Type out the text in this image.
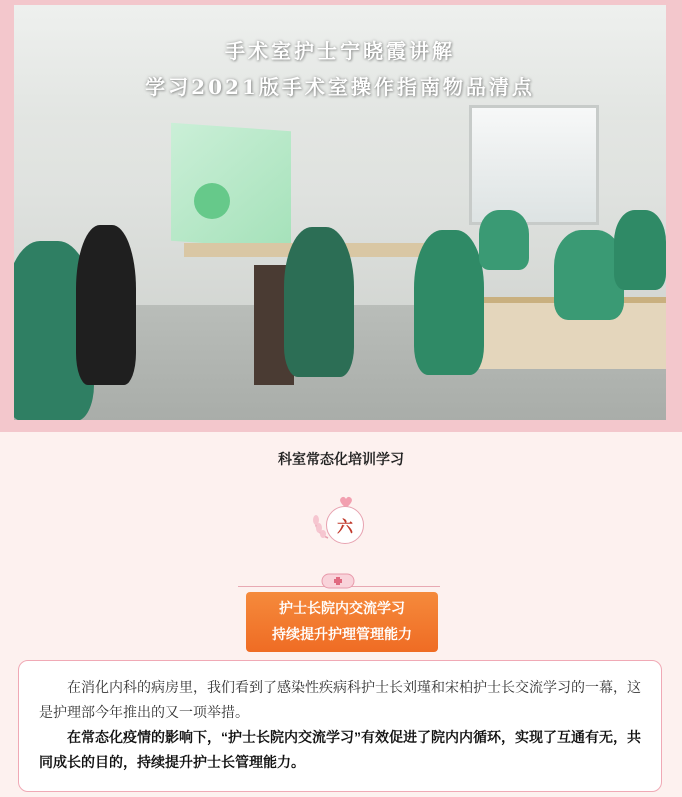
手术室护士宁晓霞讲解
学习2021版手术室操作指南物品清点
科室常态化培训学习
六
护士长院内交流学习
持续提升护理管理能力

在消化内科的病房里，我们看到了感染性疾病科护士长刘瑾和宋柏护士长交流学习的一幕，这是护理部今年推出的又一项举措。

在常态化疫情的影响下，“护士长院内交流学习”有效促进了院内内循环，实现了互通有无，共同成长的目的，持续提升护士长管理能力。
